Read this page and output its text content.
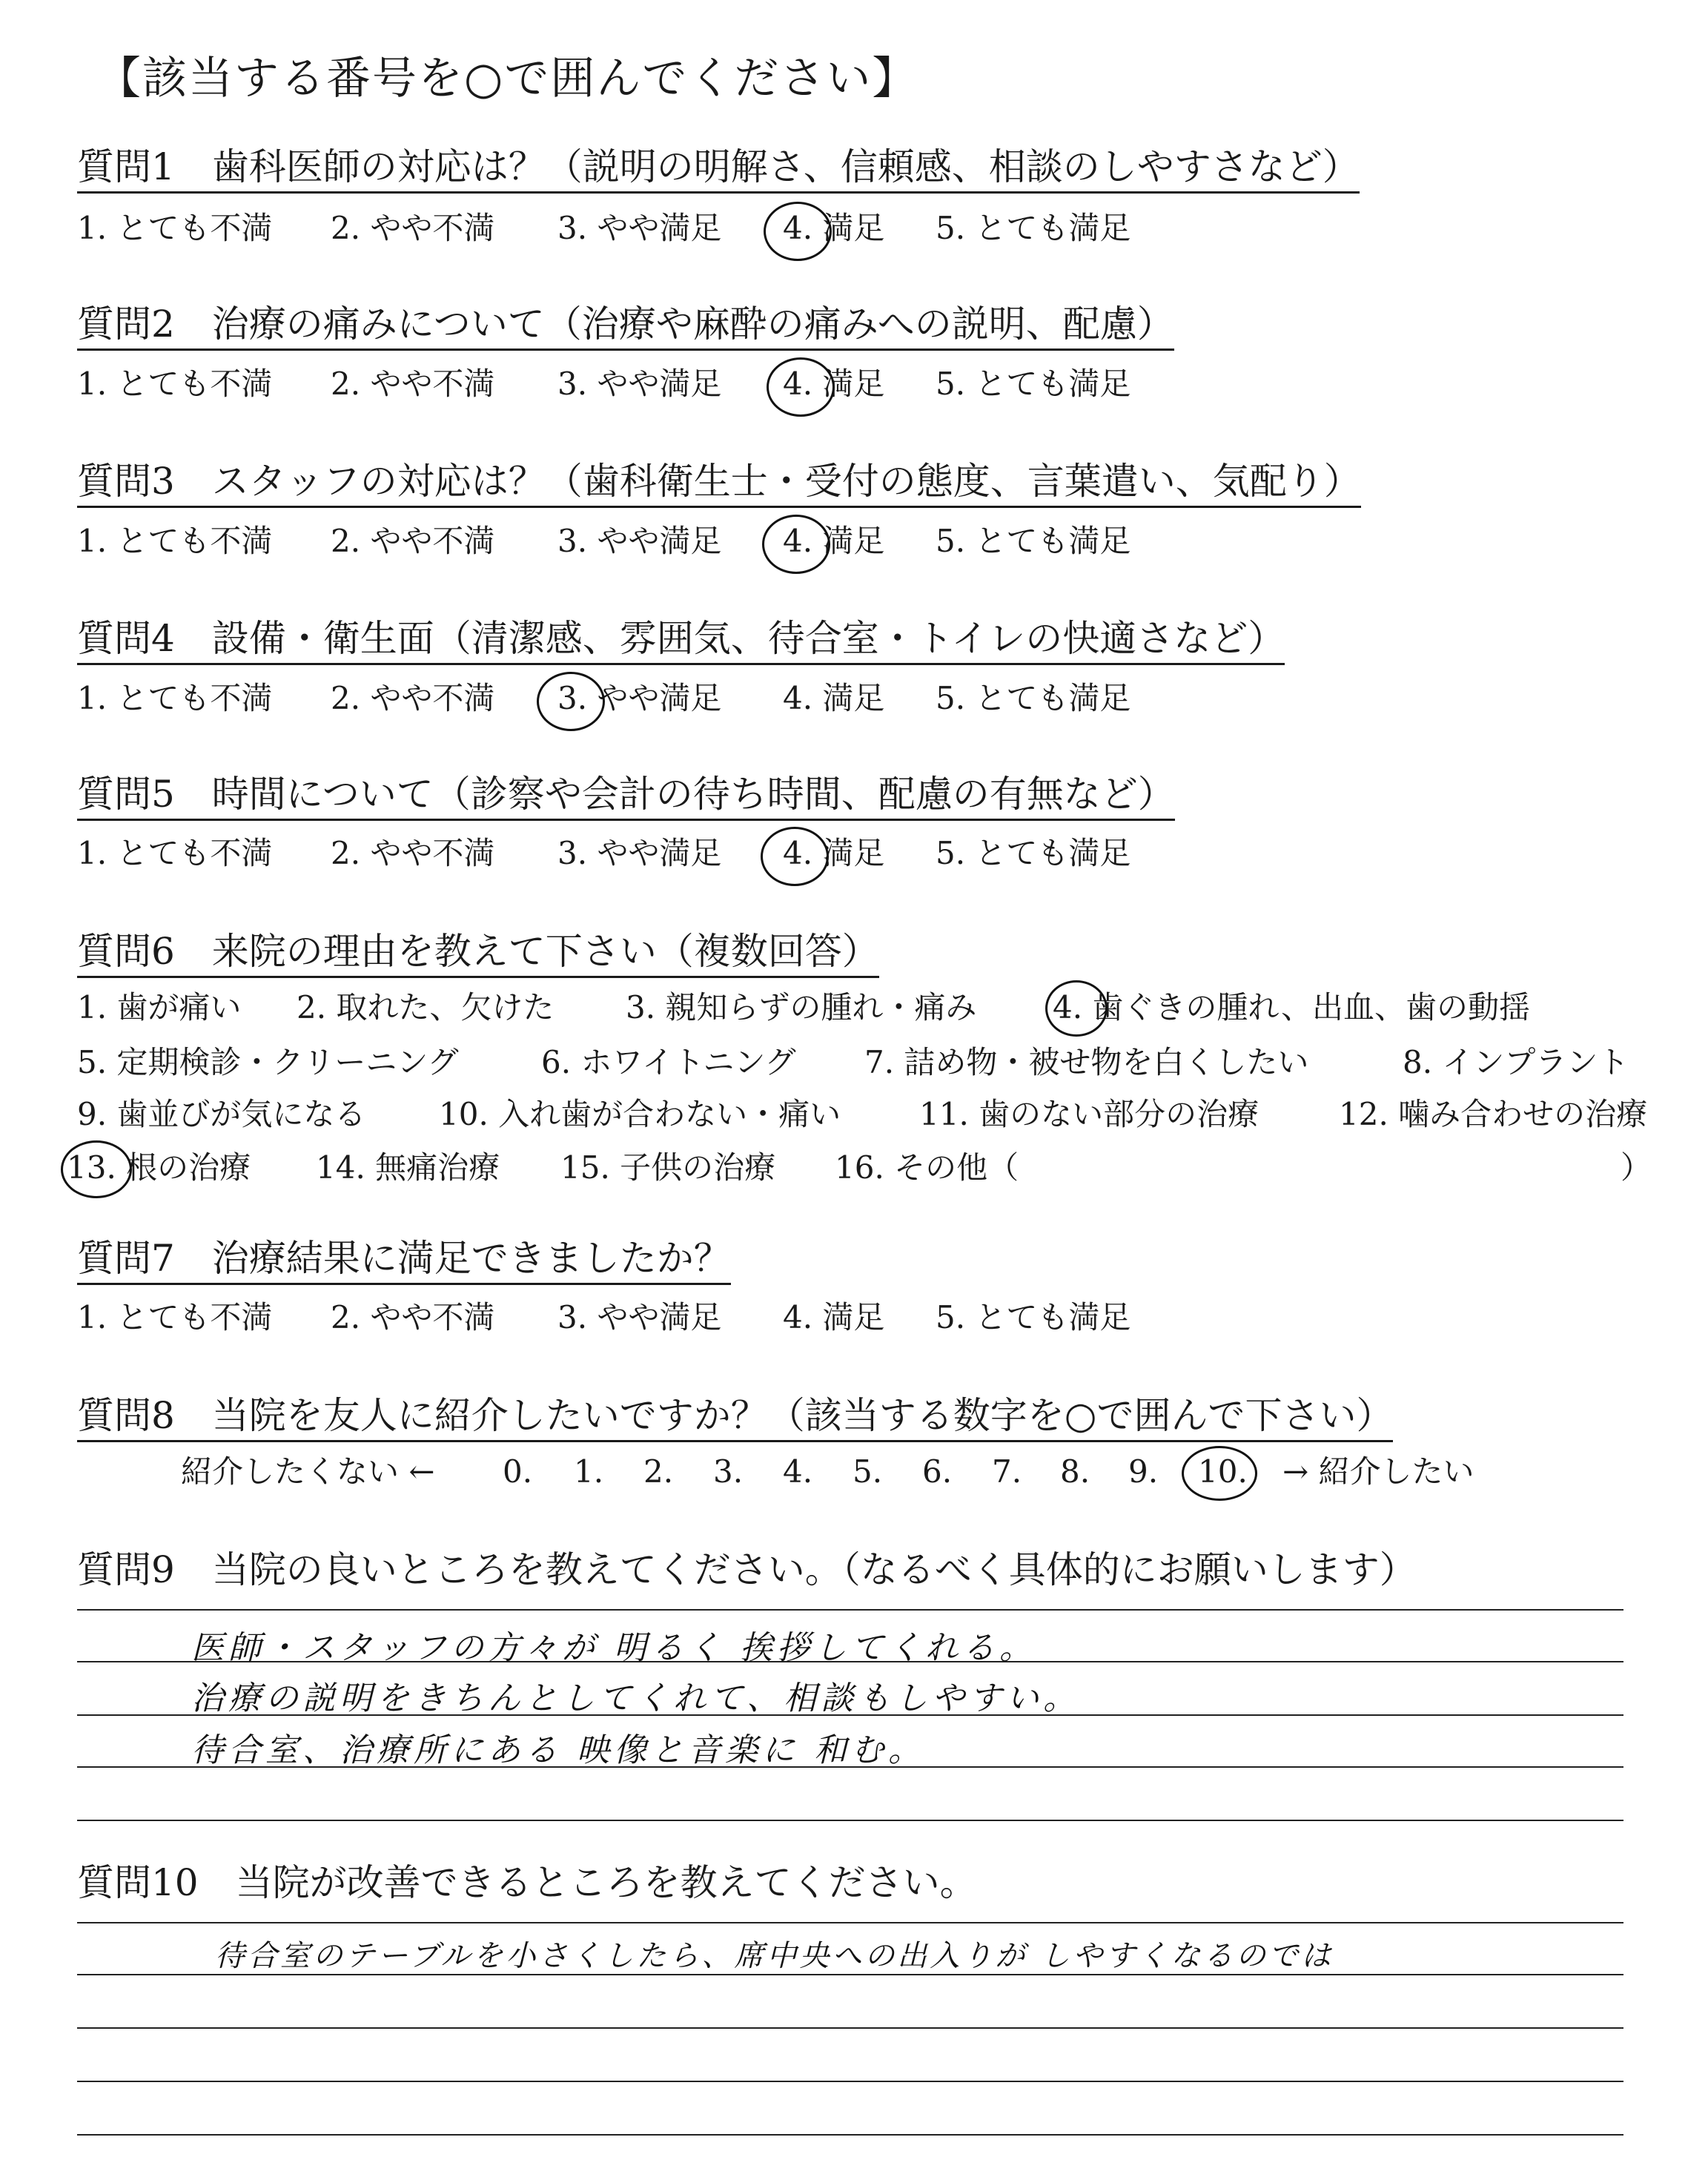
【該当する番号を○で囲んでください】
質問1　歯科医師の対応は？（説明の明解さ、信頼感、相談のしやすさなど）
1. とても不満 2. やや不満 3. やや満足 4. 満足 5. とても満足
質問2　治療の痛みについて（治療や麻酔の痛みへの説明、配慮）
1. とても不満 2. やや不満 3. やや満足 4. 満足 5. とても満足
質問3　スタッフの対応は？（歯科衛生士・受付の態度、言葉遣い、気配り）
1. とても不満 2. やや不満 3. やや満足 4. 満足 5. とても満足
質問4　設備・衛生面（清潔感、雰囲気、待合室・トイレの快適さなど）
1. とても不満 2. やや不満 3. やや満足 4. 満足 5. とても満足
質問5　時間について（診察や会計の待ち時間、配慮の有無など）
1. とても不満 2. やや不満 3. やや満足 4. 満足 5. とても満足
質問6　来院の理由を教えて下さい（複数回答）
1. 歯が痛い 2. 取れた、欠けた 3. 親知らずの腫れ・痛み 4. 歯ぐきの腫れ、出血、歯の動揺
5. 定期検診・クリーニング	6. ホワイトニング 7. 詰め物・被せ物を白くしたい	8. インプラント
9. 歯並びが気になる 10. 入れ歯が合わない・痛い	11. 歯のない部分の治療	12. 噛み合わせの治療
13. 根の治療 14. 無痛治療 15. 子供の治療 16. その他（	）
質問7　治療結果に満足できましたか？
1. とても不満 2. やや不満 3. やや満足 4. 満足 5. とても満足
質問8　当院を友人に紹介したいですか？（該当する数字を○で囲んで下さい）
紹介したくない ← 0. 1. 2. 3. 4. 5. 6. 7. 8. 9. 10. → 紹介したい
質問9　当院の良いところを教えてください。（なるべく具体的にお願いします）
医師・スタッフの方々が 明るく 挨拶してくれる。
治療の説明をきちんとしてくれて、相談もしやすい。
待合室、治療所にある 映像と音楽に 和む。
質問10　当院が改善できるところを教えてください。
待合室のテーブルを小さくしたら、席中央への出入りが しやすくなるのでは
